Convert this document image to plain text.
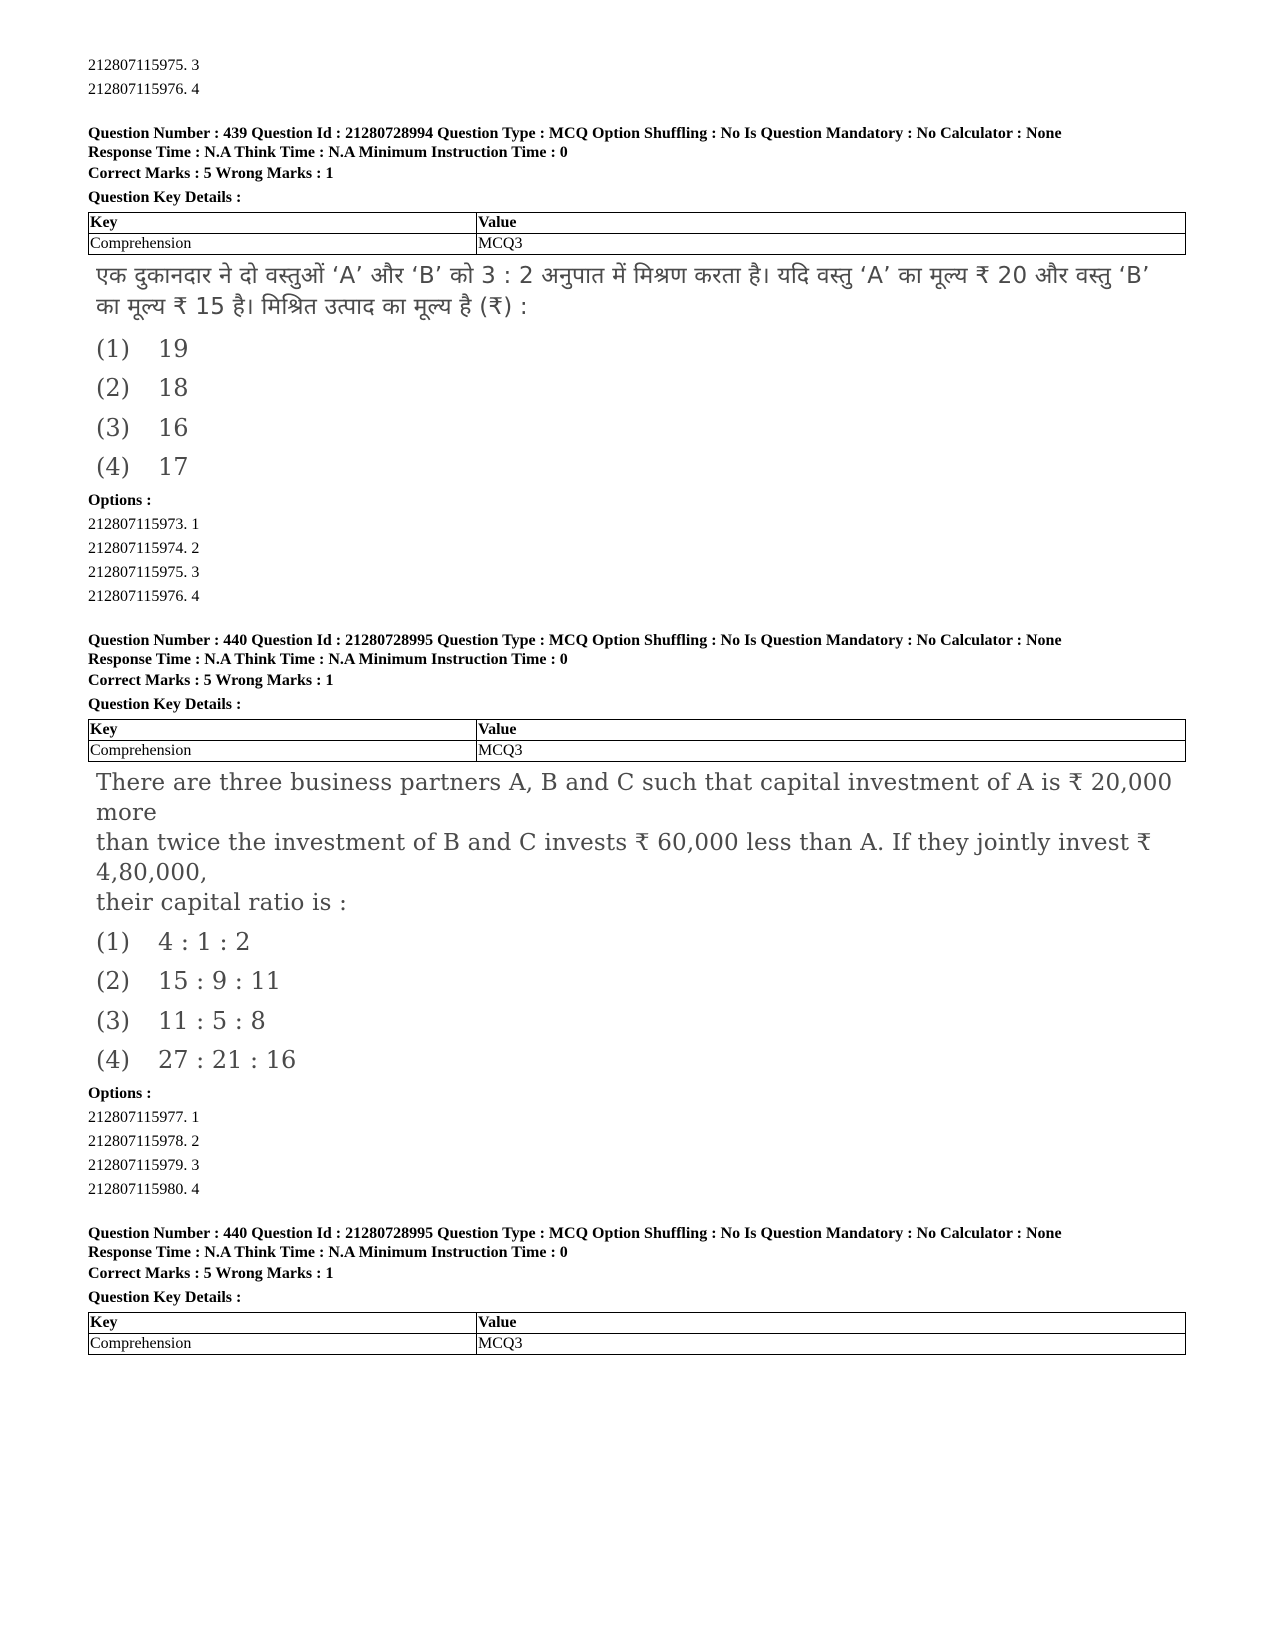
212807115975. 3
212807115976. 4
Question Number : 439 Question Id : 21280728994 Question Type : MCQ Option Shuffling : No Is Question Mandatory : No Calculator : None
Response Time : N.A Think Time : N.A Minimum Instruction Time : 0
Correct Marks : 5 Wrong Marks : 1
Question Key Details :
Key	Value
Comprehension	MCQ3
एक दुकानदार ने दो वस्तुओं ‘A’ और ‘B’ को 3 : 2 अनुपात में मिश्रण करता है। यदि वस्तु ‘A’ का मूल्य ₹ 20 और वस्तु ‘B’
का मूल्य ₹ 15 है। मिश्रित उत्पाद का मूल्य है (₹) :
(1)	19
(2)	18
(3)	16
(4)	17
Options :
212807115973. 1
212807115974. 2
212807115975. 3
212807115976. 4
Question Number : 440 Question Id : 21280728995 Question Type : MCQ Option Shuffling : No Is Question Mandatory : No Calculator : None
Response Time : N.A Think Time : N.A Minimum Instruction Time : 0
Correct Marks : 5 Wrong Marks : 1
Question Key Details :
Key	Value
Comprehension	MCQ3
There are three business partners A, B and C such that capital investment of A is ₹ 20,000 more
than twice the investment of B and C invests ₹ 60,000 less than A. If they jointly invest ₹ 4,80,000,
their capital ratio is :
(1)	4 : 1 : 2
(2)	15 : 9 : 11
(3)	11 : 5 : 8
(4)	27 : 21 : 16
Options :
212807115977. 1
212807115978. 2
212807115979. 3
212807115980. 4
Question Number : 440 Question Id : 21280728995 Question Type : MCQ Option Shuffling : No Is Question Mandatory : No Calculator : None
Response Time : N.A Think Time : N.A Minimum Instruction Time : 0
Correct Marks : 5 Wrong Marks : 1
Question Key Details :
Key	Value
Comprehension	MCQ3
